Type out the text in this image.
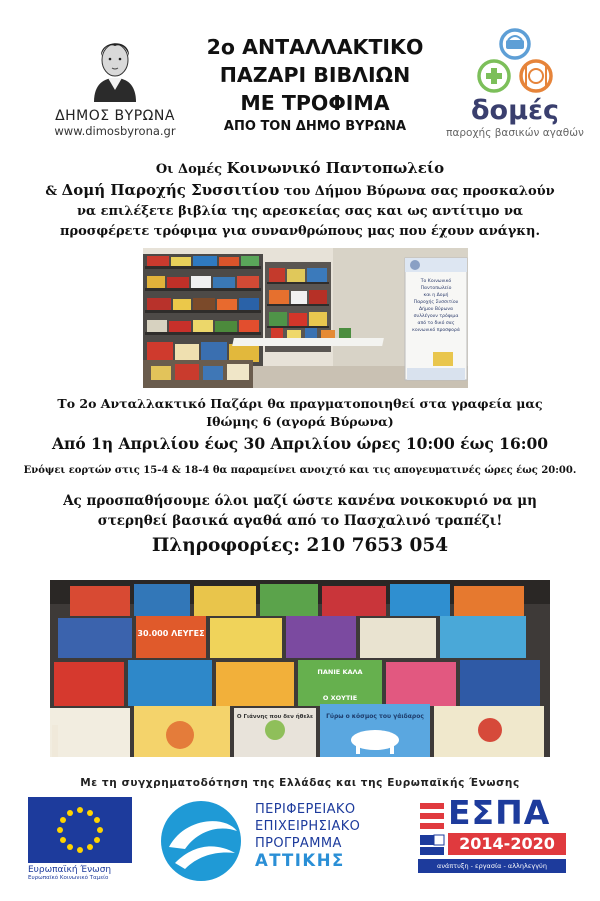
ΔΗΜΟΣ ΒΥΡΩΝΑ
www.dimosbyrona.gr
2ο ΑΝΤΑΛΛΑΚΤΙΚΟ
ΠΑΖΑΡΙ ΒΙΒΛΙΩΝ
ΜΕ ΤΡΟΦΙΜΑ
ΑΠΟ ΤΟΝ ΔΗΜΟ ΒΥΡΩΝΑ
δομές
παροχής βασικών αγαθών
Οι Δομές Κοινωνικό Παντοπωλείο
& Δομή Παροχής Συσσιτίου του Δήμου Βύρωνα σας προσκαλούν
να επιλέξετε βιβλία της αρεσκείας σας και ως αντίτιμο να
προσφέρετε τρόφιμα για συνανθρώπους μας που έχουν ανάγκη.
Το Κοινωνικό
Παντοπωλείο
και η Δομή
Παροχής Συσσιτίου
Δήμου Βύρωνα
συλλέγουν τρόφιμα
από το δικό σας
κοινωνικό προσφορά
Το 2ο Ανταλλακτικό Παζάρι θα πραγματοποιηθεί στα γραφεία μας
Ιθώμης 6 (αγορά Βύρωνα)
Από 1η Απριλίου έως 30 Απριλίου ώρες 10:00 έως 16:00
Ενόψει εορτών στις 15-4 & 18-4 θα παραμείνει ανοιχτό και τις απογευματινές ώρες έως 20:00.
Ας προσπαθήσουμε όλοι μαζί ώστε κανένα νοικοκυριό να μη
στερηθεί βασικά αγαθά από το Πασχαλινό τραπέζι!
Πληροφορίες: 210 7653 054
30.000 ΛΕΥΓΕΣ
Ο Γιάννης που δεν ήθελε Γύρω ο κόσμος του γάιδαρος
ΠΑΝΙΕ ΚΑΛΑ
Ο ΧΟΥΤΙΕ
Με τη συγχρηματοδότηση της Ελλάδας και της Ευρωπαϊκής Ένωσης
Ευρωπαϊκή Ένωση
Ευρωπαϊκό Κοινωνικό Ταμείο
ΠΕΡΙΦΕΡΕΙΑΚΟ
ΕΠΙΧΕΙΡΗΣΙΑΚΟ
ΠΡΟΓΡΑΜΜΑ
ΑΤΤΙΚΗΣ
ΕΣΠΑ
2014-2020
ανάπτυξη - εργασία - αλληλεγγύη
